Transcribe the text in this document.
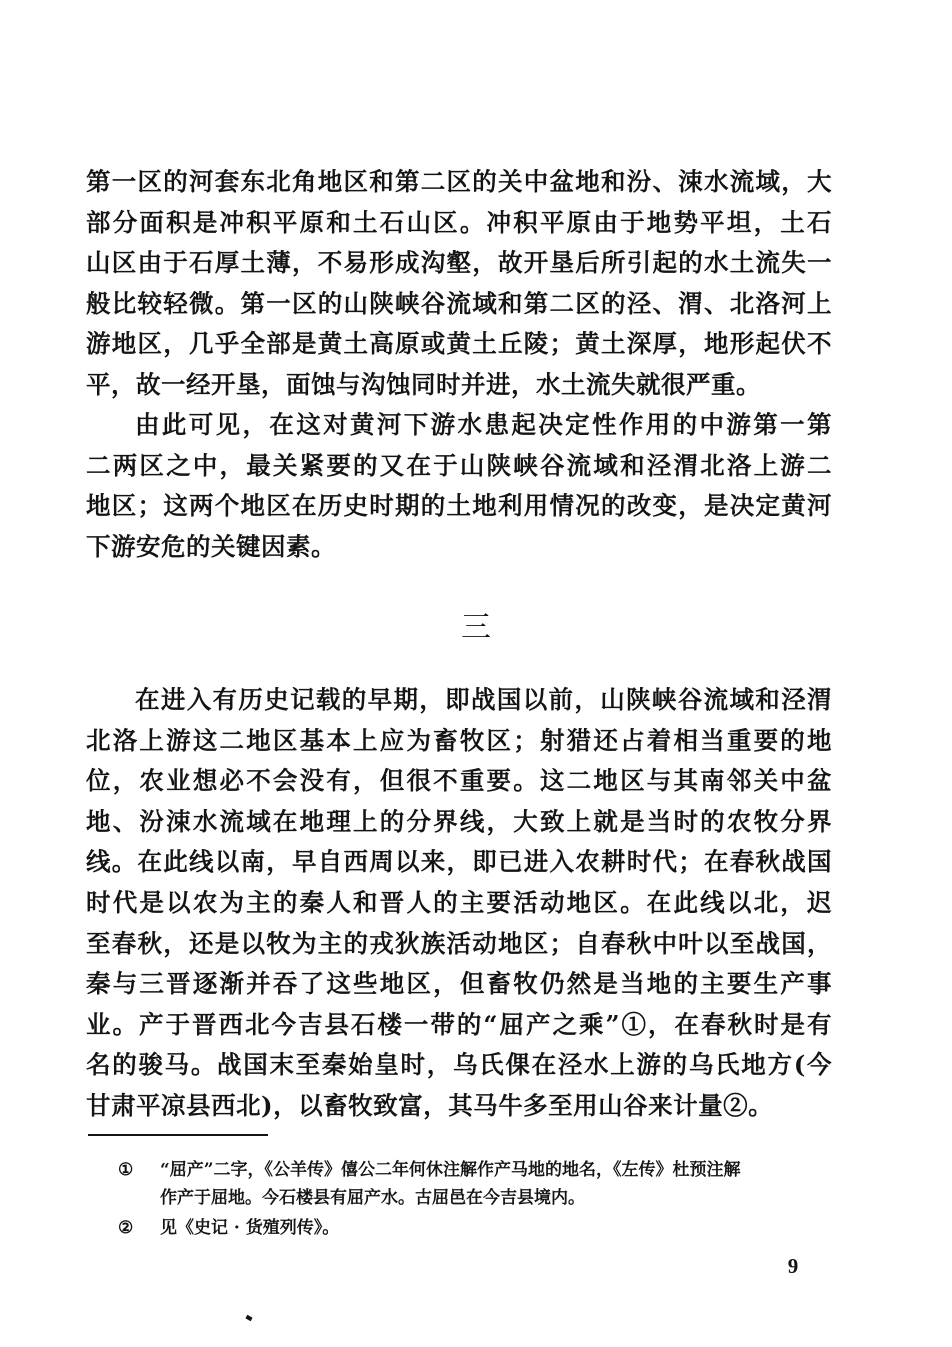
第一区的河套东北角地区和第二区的关中盆地和汾、涑水流域，大
部分面积是冲积平原和土石山区。冲积平原由于地势平坦，土石
山区由于石厚土薄，不易形成沟壑，故开垦后所引起的水土流失一
般比较轻微。第一区的山陕峡谷流域和第二区的泾、渭、北洛河上
游地区，几乎全部是黄土高原或黄土丘陵；黄土深厚，地形起伏不
平，故一经开垦，面蚀与沟蚀同时并进，水土流失就很严重。
由此可见，在这对黄河下游水患起决定性作用的中游第一第
二两区之中，最关紧要的又在于山陕峡谷流域和泾渭北洛上游二
地区；这两个地区在历史时期的土地利用情况的改变，是决定黄河
下游安危的关键因素。
三
在进入有历史记载的早期，即战国以前，山陕峡谷流域和泾渭
北洛上游这二地区基本上应为畜牧区；射猎还占着相当重要的地
位，农业想必不会没有，但很不重要。这二地区与其南邻关中盆
地、汾涑水流域在地理上的分界线，大致上就是当时的农牧分界
线。在此线以南，早自西周以来，即已进入农耕时代；在春秋战国
时代是以农为主的秦人和晋人的主要活动地区。在此线以北，迟
至春秋，还是以牧为主的戎狄族活动地区；自春秋中叶以至战国，
秦与三晋逐渐并吞了这些地区，但畜牧仍然是当地的主要生产事
业。产于晋西北今吉县石楼一带的“屈产之乘”①，在春秋时是有
名的骏马。战国末至秦始皇时，乌氏倮在泾水上游的乌氏地方(今
甘肃平凉县西北)，以畜牧致富，其马牛多至用山谷来计量②。
① “屈产”二字，《公羊传》僖公二年何休注解作产马地的地名，《左传》杜预注解
作产于屈地。今石楼县有屈产水。古屈邑在今吉县境内。
② 见《史记 · 货殖列传》。
9
